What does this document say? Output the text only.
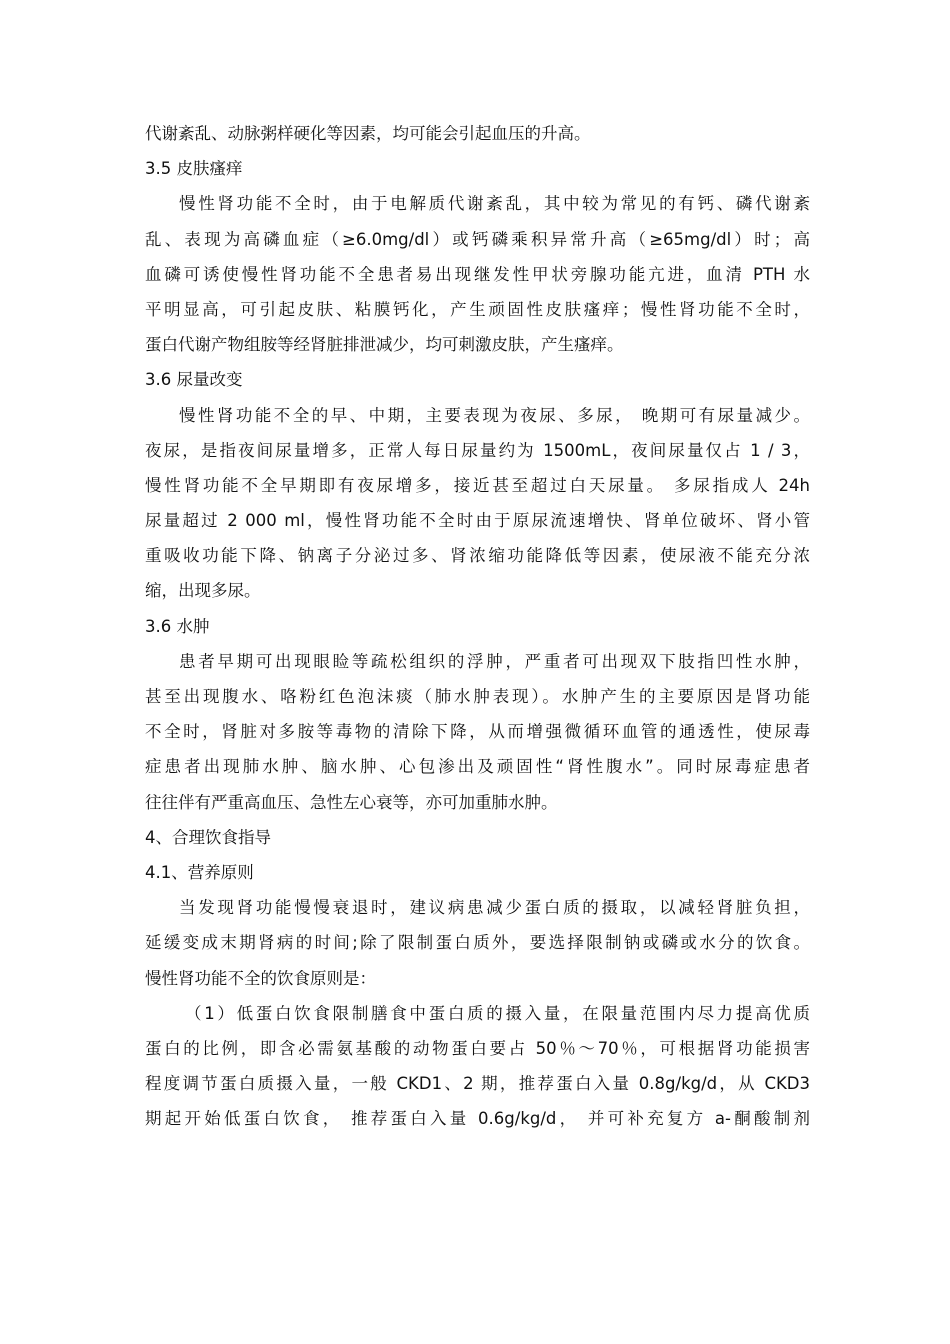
代谢紊乱、动脉粥样硬化等因素，均可能会引起血压的升高。
3.5 皮肤瘙痒
慢性肾功能不全时，由于电解质代谢紊乱，其中较为常见的有钙、磷代谢紊
乱、表现为高磷血症（≥6.0mg/dl）或钙磷乘积异常升高（≥65mg/dl）时；高
血磷可诱使慢性肾功能不全患者易出现继发性甲状旁腺功能亢进，血清 PTH 水
平明显高，可引起皮肤、粘膜钙化，产生顽固性皮肤瘙痒；慢性肾功能不全时，
蛋白代谢产物组胺等经肾脏排泄减少，均可刺激皮肤，产生瘙痒。
3.6 尿量改变
慢性肾功能不全的早、中期，主要表现为夜尿、多尿， 晚期可有尿量减少。
夜尿，是指夜间尿量增多，正常人每日尿量约为 1500mL，夜间尿量仅占 1 / 3，
慢性肾功能不全早期即有夜尿增多，接近甚至超过白天尿量。 多尿指成人 24h
尿量超过 2 000 ml，慢性肾功能不全时由于原尿流速增快、肾单位破坏、肾小管
重吸收功能下降、钠离子分泌过多、肾浓缩功能降低等因素，使尿液不能充分浓
缩，出现多尿。
3.6 水肿
患者早期可出现眼睑等疏松组织的浮肿，严重者可出现双下肢指凹性水肿，
甚至出现腹水、咯粉红色泡沫痰（肺水肿表现）。水肿产生的主要原因是肾功能
不全时，肾脏对多胺等毒物的清除下降，从而增强微循环血管的通透性，使尿毒
症患者出现肺水肿、脑水肿、心包渗出及顽固性“肾性腹水”。同时尿毒症患者
往往伴有严重高血压、急性左心衰等，亦可加重肺水肿。
4、合理饮食指导
4.1、营养原则
当发现肾功能慢慢衰退时，建议病患减少蛋白质的摄取，以减轻肾脏负担，
延缓变成末期肾病的时间;除了限制蛋白质外，要选择限制钠或磷或水分的饮食。
慢性肾功能不全的饮食原则是：
（1）低蛋白饮食限制膳食中蛋白质的摄入量，在限量范围内尽力提高优质
蛋白的比例，即含必需氨基酸的动物蛋白要占 50％～70％，可根据肾功能损害
程度调节蛋白质摄入量，一般 CKD1、2 期，推荐蛋白入量 0.8g/kg/d，从 CKD3
期起开始低蛋白饮食， 推荐蛋白入量 0.6g/kg/d， 并可补充复方 a-酮酸制剂
